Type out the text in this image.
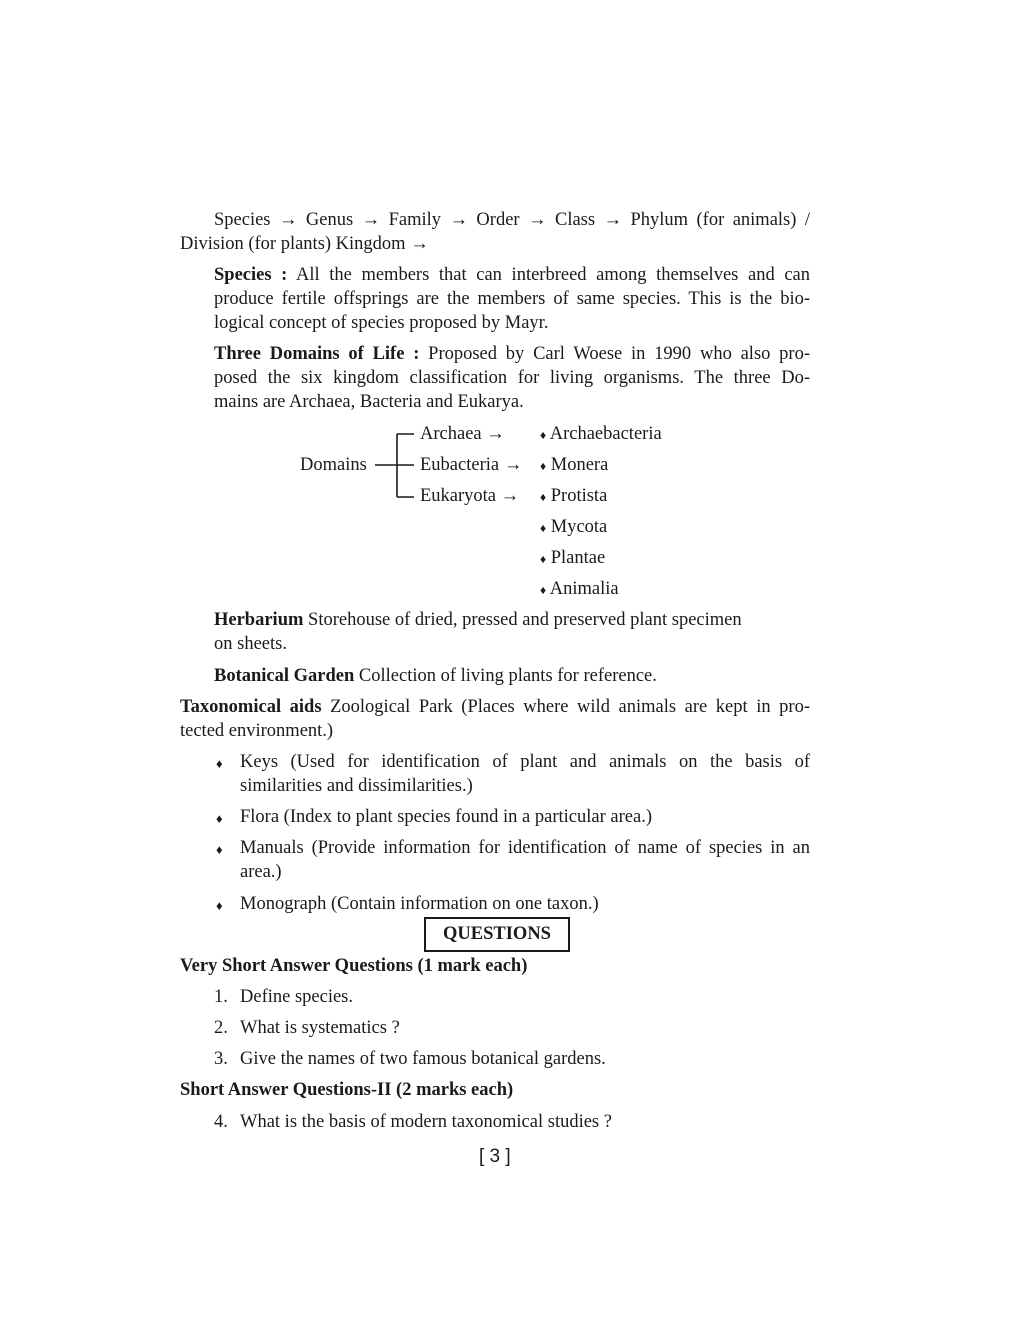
Species → Genus → Family → Order → Class → Phylum (for animals) /
Division (for plants) Kingdom →
Species : All the members that can interbreed among themselves and can
produce fertile offsprings are the members of same species. This is the bio-
logical concept of species proposed by Mayr.
Three Domains of Life : Proposed by Carl Woese in 1990 who also pro-
posed the six kingdom classification for living organisms. The three Do-
mains are Archaea, Bacteria and Eukarya.
Domains
Archaea →
Eubacteria →
Eukaryota →
♦ Archaebacteria
♦ Monera
♦ Protista
♦ Mycota
♦ Plantae
♦ Animalia
Herbarium Storehouse of dried, pressed and preserved plant specimen
on sheets.
Botanical Garden Collection of living plants for reference.
Taxonomical aids Zoological Park (Places where wild animals are kept in pro-
tected environment.)
♦ Keys (Used for identification of plant and animals on the basis of
similarities and dissimilarities.)
♦ Flora (Index to plant species found in a particular area.)
♦ Manuals (Provide information for identification of name of species in an
area.)
♦ Monograph (Contain information on one taxon.)
QUESTIONS
Very Short Answer Questions (1 mark each)
1. Define species.
2. What is systematics ?
3. Give the names of two famous botanical gardens.
Short Answer Questions-II (2 marks each)
4. What is the basis of modern taxonomical studies ?
[ 3 ]
